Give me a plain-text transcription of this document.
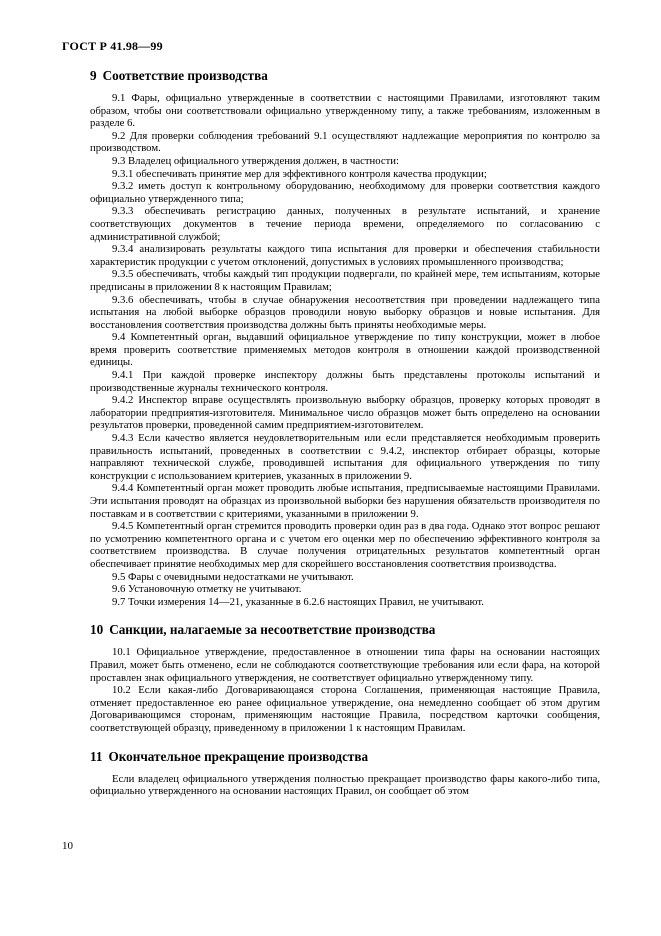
ГОСТ Р 41.98—99
9 Соответствие производства

9.1 Фары, официально утвержденные в соответствии с настоящими Правилами, изготовляют таким образом, чтобы они соответствовали официально утвержденному типу, а также требованиям, изложенным в разделе 6.

9.2 Для проверки соблюдения требований 9.1 осуществляют надлежащие мероприятия по контролю за производством.

9.3 Владелец официального утверждения должен, в частности:

9.3.1 обеспечивать принятие мер для эффективного контроля качества продукции;

9.3.2 иметь доступ к контрольному оборудованию, необходимому для проверки соответствия каждого официально утвержденного типа;

9.3.3 обеспечивать регистрацию данных, полученных в результате испытаний, и хранение соответствующих документов в течение периода времени, определяемого по согласованию с административной службой;

9.3.4 анализировать результаты каждого типа испытания для проверки и обеспечения стабильности характеристик продукции с учетом отклонений, допустимых в условиях промышленного производства;

9.3.5 обеспечивать, чтобы каждый тип продукции подвергали, по крайней мере, тем испытаниям, которые предписаны в приложении 8 к настоящим Правилам;

9.3.6 обеспечивать, чтобы в случае обнаружения несоответствия при проведении надлежащего типа испытания на любой выборке образцов проводили новую выборку образцов и новые испытания. Для восстановления соответствия производства должны быть приняты необходимые меры.

9.4 Компетентный орган, выдавший официальное утверждение по типу конструкции, может в любое время проверить соответствие применяемых методов контроля в отношении каждой производственной единицы.

9.4.1 При каждой проверке инспектору должны быть представлены протоколы испытаний и производственные журналы технического контроля.

9.4.2 Инспектор вправе осуществлять произвольную выборку образцов, проверку которых проводят в лаборатории предприятия-изготовителя. Минимальное число образцов может быть определено на основании результатов проверки, проведенной самим предприятием-изготовителем.

9.4.3 Если качество является неудовлетворительным или если представляется необходимым проверить правильность испытаний, проведенных в соответствии с 9.4.2, инспектор отбирает образцы, которые направляют технической службе, проводившей испытания для официального утверждения по типу конструкции с использованием критериев, указанных в приложении 9.

9.4.4 Компетентный орган может проводить любые испытания, предписываемые настоящими Правилами. Эти испытания проводят на образцах из произвольной выборки без нарушения обязательств производителя по поставкам и в соответствии с критериями, указанными в приложении 9.

9.4.5 Компетентный орган стремится проводить проверки один раз в два года. Однако этот вопрос решают по усмотрению компетентного органа и с учетом его оценки мер по обеспечению эффективного контроля за соответствием производства. В случае получения отрицательных результатов компетентный орган обеспечивает принятие необходимых мер для скорейшего восстановления соответствия производства.

9.5 Фары с очевидными недостатками не учитывают.

9.6 Установочную отметку не учитывают.

9.7 Точки измерения 14—21, указанные в 6.2.6 настоящих Правил, не учитывают.

10 Санкции, налагаемые за несоответствие производства

10.1 Официальное утверждение, предоставленное в отношении типа фары на основании настоящих Правил, может быть отменено, если не соблюдаются соответствующие требования или если фара, на которой проставлен знак официального утверждения, не соответствует официально утвержденному типу.

10.2 Если какая-либо Договаривающаяся сторона Соглашения, применяющая настоящие Правила, отменяет предоставленное ею ранее официальное утверждение, она немедленно сообщает об этом другим Договаривающимся сторонам, применяющим настоящие Правила, посредством карточки сообщения, соответствующей образцу, приведенному в приложении 1 к настоящим Правилам.

11 Окончательное прекращение производства

Если владелец официального утверждения полностью прекращает производство фары какого-либо типа, официально утвержденного на основании настоящих Правил, он сообщает об этом

10
